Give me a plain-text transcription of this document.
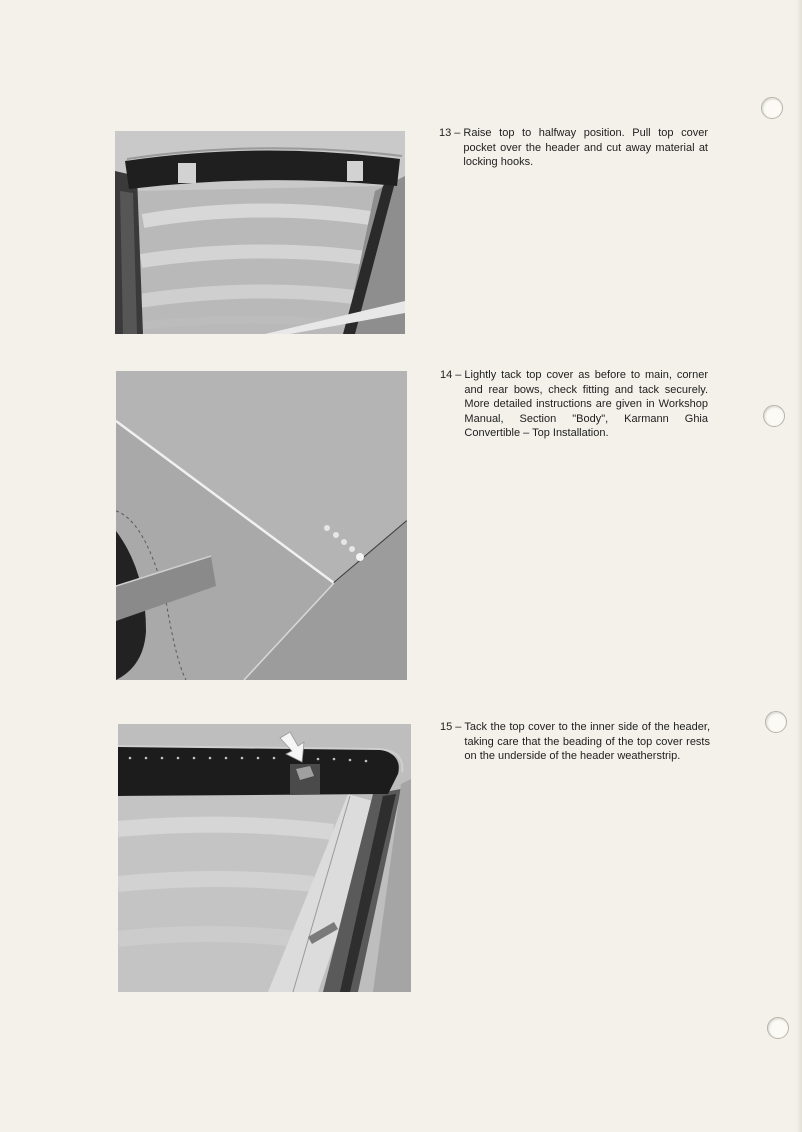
13 – Raise top to halfway position. Pull top cover pocket over the header and cut away material at locking hooks.
14 – Lightly tack top cover as before to main, corner and rear bows, check fitting and tack securely. More detailed instructions are given in Workshop Manual, Section "Body", Karmann Ghia Convertible – Top Installation.
15 – Tack the top cover to the inner side of the header, taking care that the beading of the top cover rests on the underside of the header weatherstrip.
